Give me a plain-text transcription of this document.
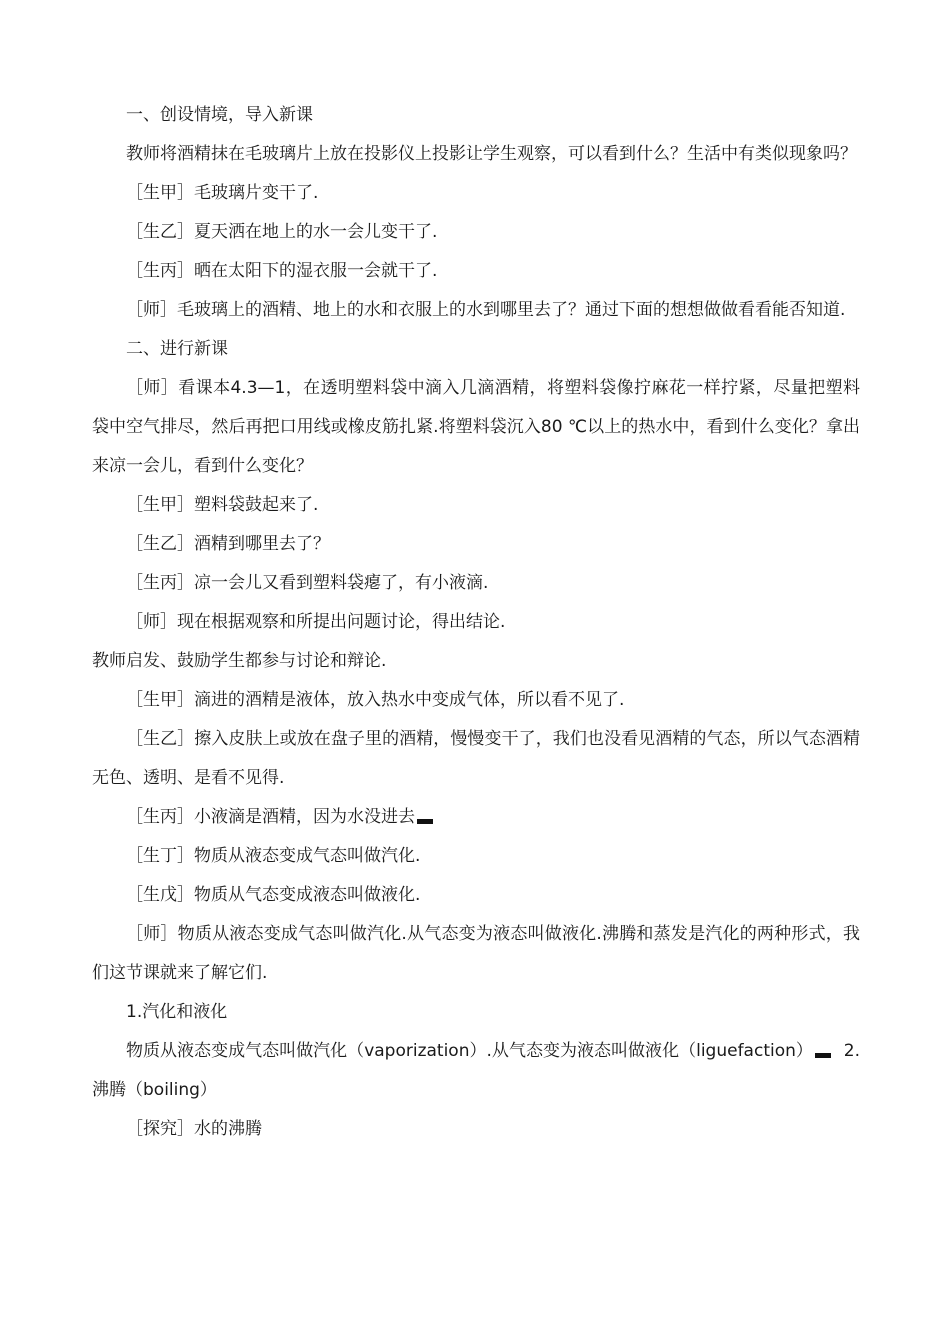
一、创设情境，导入新课

教师将酒精抹在毛玻璃片上放在投影仪上投影让学生观察，可以看到什么？生活中有类似现象吗？

［生甲］毛玻璃片变干了.

［生乙］夏天洒在地上的水一会儿变干了.

［生丙］晒在太阳下的湿衣服一会就干了.

［师］毛玻璃上的酒精、地上的水和衣服上的水到哪里去了？通过下面的想想做做看看能否知道.

二、进行新课

［师］看课本4.3—1，在透明塑料袋中滴入几滴酒精，将塑料袋像拧麻花一样拧紧，尽量把塑料袋中空气排尽，然后再把口用线或橡皮筋扎紧.将塑料袋沉入80 ℃以上的热水中，看到什么变化？拿出来凉一会儿，看到什么变化？

［生甲］塑料袋鼓起来了.

［生乙］酒精到哪里去了？

［生丙］凉一会儿又看到塑料袋瘪了，有小液滴.

［师］现在根据观察和所提出问题讨论，得出结论.

教师启发、鼓励学生都参与讨论和辩论.

［生甲］滴进的酒精是液体，放入热水中变成气体，所以看不见了.

［生乙］擦入皮肤上或放在盘子里的酒精，慢慢变干了，我们也没看见酒精的气态，所以气态酒精无色、透明、是看不见得.

［生丙］小液滴是酒精，因为水没进去

［生丁］物质从液态变成气态叫做汽化.

［生戊］物质从气态变成液态叫做液化.

［师］物质从液态变成气态叫做汽化.从气态变为液态叫做液化.沸腾和蒸发是汽化的两种形式，我们这节课就来了解它们.

1.汽化和液化

物质从液态变成气态叫做汽化（vaporization）.从气态变为液态叫做液化（liguefaction） 2.沸腾（boiling）

［探究］水的沸腾
